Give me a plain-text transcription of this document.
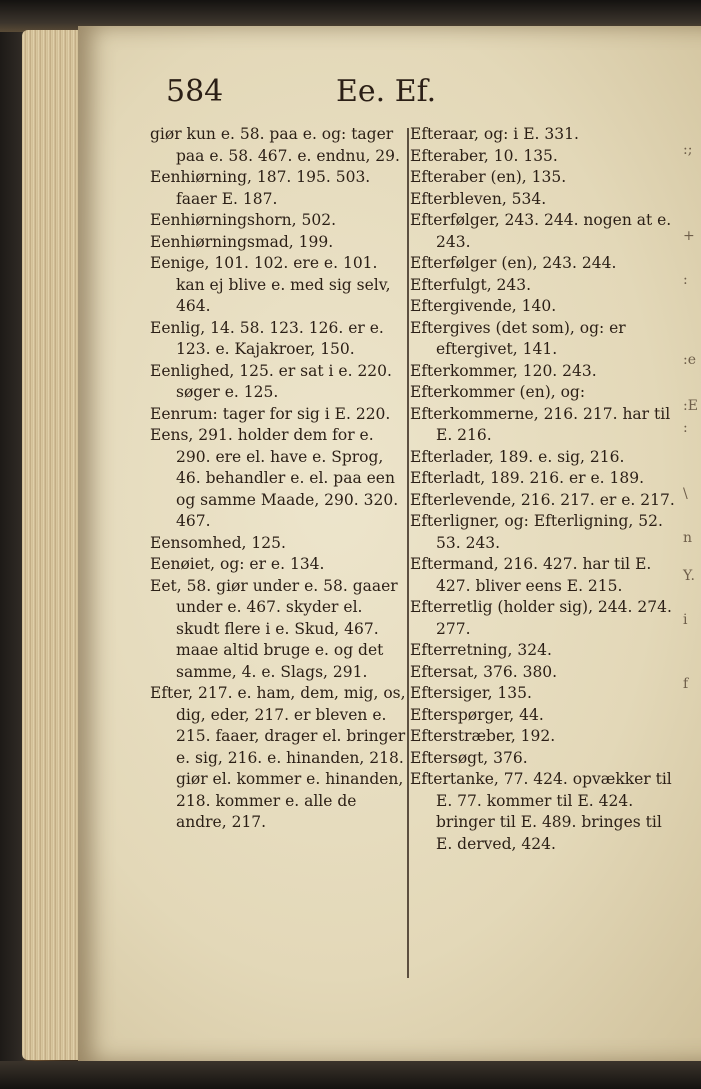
584	Ee. Ef.

giør kun e. 58. paa e. og: tager paa e. 58. 467. e. endnu, 29.

Eenhiørning, 187. 195. 503. faaer E. 187.

Eenhiørningshorn, 502.

Eenhiørningsmad, 199.

Eenige, 101. 102. ere e. 101. kan ej blive e. med sig selv, 464.

Eenlig, 14. 58. 123. 126. er e. 123. e. Kajakroer, 150.

Eenlighed, 125. er sat i e. 220. søger e. 125.

Eenrum: tager for sig i E. 220.

Eens, 291. holder dem for e. 290. ere el. have e. Sprog, 46. behandler e. el. paa een og samme Maade, 290. 320. 467.

Eensomhed, 125.

Eenøiet, og: er e. 134.

Eet, 58. giør under e. 58. gaaer under e. 467. skyder el. skudt flere i e. Skud, 467. maae altid bruge e. og det samme, 4. e. Slags, 291.

Efter, 217. e. ham, dem, mig, os, dig, eder, 217. er bleven e. 215. faaer, drager el. bringer e. sig, 216. e. hinanden, 218. giør el. kommer e. hinanden, 218. kommer e. alle de andre, 217.

Efteraar, og: i E. 331.

Efteraber, 10. 135.

Efteraber (en), 135.

Efterbleven, 534.

Efterfølger, 243. 244. nogen at e. 243.

Efterfølger (en), 243. 244.

Efterfulgt, 243.

Eftergivende, 140.

Eftergives (det som), og: er eftergivet, 141.

Efterkommer, 120. 243.

Efterkommer (en), og:

Efterkommerne, 216. 217. har til E. 216.

Efterlader, 189. e. sig, 216.

Efterladt, 189. 216. er e. 189.

Efterlevende, 216. 217. er e. 217.

Efterligner, og: Efterligning, 52. 53. 243.

Eftermand, 216. 427. har til E. 427. bliver eens E. 215.

Efterretlig (holder sig), 244. 274. 277.

Efterretning, 324.

Eftersat, 376. 380.

Eftersiger, 135.

Efterspørger, 44.

Efterstræber, 192.

Eftersøgt, 376.

Eftertanke, 77. 424. opvækker til E. 77. kommer til E. 424. bringer til E. 489. bringes til E. derved, 424.

:;
+
:
:e
:E
:
\
n
Y.
i
f
